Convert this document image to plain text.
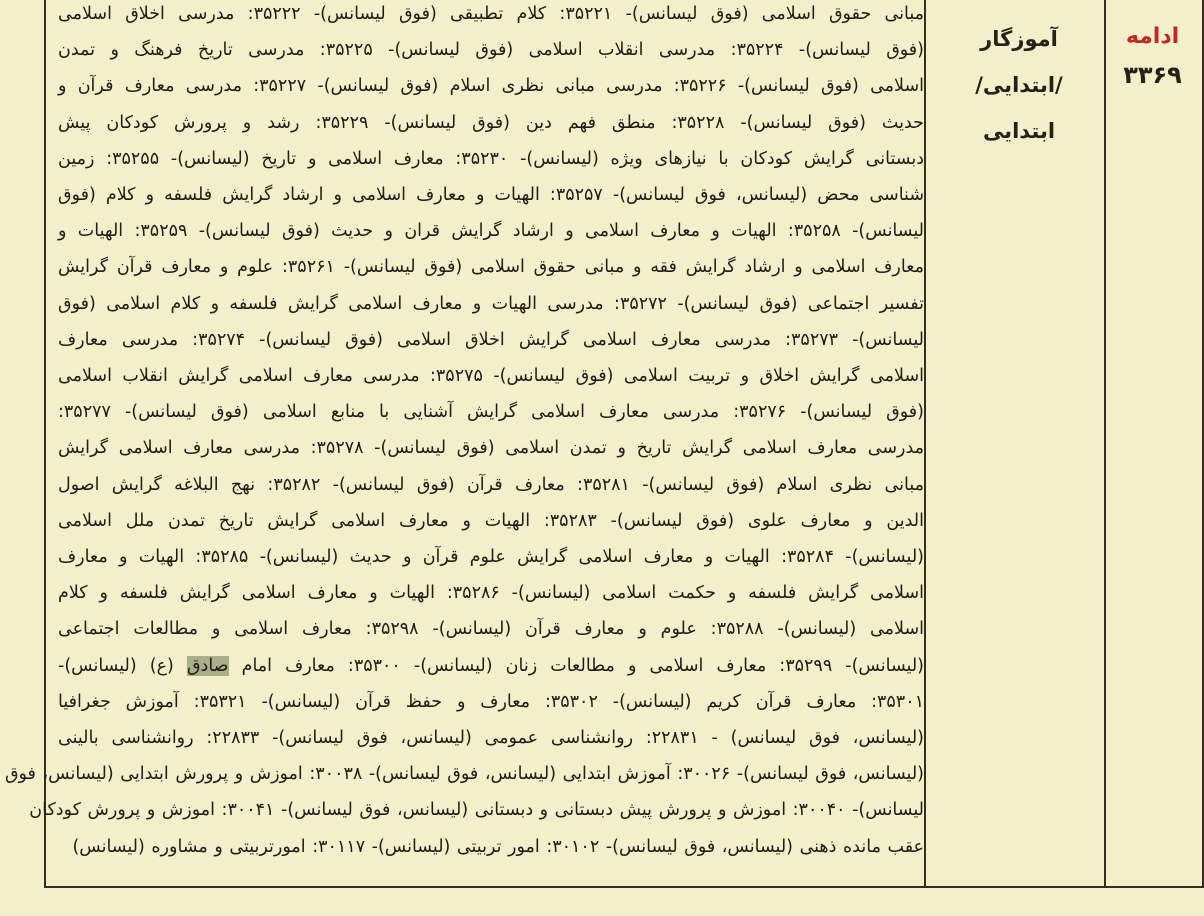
مبانی حقوق اسلامی (فوق لیسانس)- ۳۵۲۲۱: کلام تطبیقی (فوق لیسانس)- ۳۵۲۲۲: مدرسی اخلاق اسلامی
(فوق لیسانس)- ۳۵۲۲۴: مدرسی انقلاب اسلامی (فوق لیسانس)- ۳۵۲۲۵: مدرسی تاریخ فرهنگ و تمدن
اسلامی (فوق لیسانس)- ۳۵۲۲۶: مدرسی مبانی نظری اسلام (فوق لیسانس)- ۳۵۲۲۷: مدرسی معارف قرآن و
حدیث (فوق لیسانس)- ۳۵۲۲۸: منطق فهم دین (فوق لیسانس)- ۳۵۲۲۹: رشد و پرورش کودکان پیش
دبستانی گرایش کودکان با نیازهای ویژه (لیسانس)- ۳۵۲۳۰: معارف اسلامی و تاریخ (لیسانس)- ۳۵۲۵۵: زمین
شناسی محض (لیسانس، فوق لیسانس)- ۳۵۲۵۷: الهیات و معارف اسلامی و ارشاد گرایش فلسفه و کلام (فوق
لیسانس)- ۳۵۲۵۸: الهیات و معارف اسلامی و ارشاد گرایش قران و حدیث (فوق لیسانس)- ۳۵۲۵۹: الهیات و
معارف اسلامی و ارشاد گرایش فقه و مبانی حقوق اسلامی (فوق لیسانس)- ۳۵۲۶۱: علوم و معارف قرآن گرایش
تفسیر اجتماعی (فوق لیسانس)- ۳۵۲۷۲: مدرسی الهیات و معارف اسلامی گرایش فلسفه و کلام اسلامی (فوق
لیسانس)- ۳۵۲۷۳: مدرسی معارف اسلامی گرایش اخلاق اسلامی (فوق لیسانس)- ۳۵۲۷۴: مدرسی معارف
اسلامی گرایش اخلاق و تربیت اسلامی (فوق لیسانس)- ۳۵۲۷۵: مدرسی معارف اسلامی گرایش انقلاب اسلامی
(فوق لیسانس)- ۳۵۲۷۶: مدرسی معارف اسلامی گرایش آشنایی با منابع اسلامی (فوق لیسانس)- ۳۵۲۷۷:
مدرسی معارف اسلامی گرایش تاریخ و تمدن اسلامی (فوق لیسانس)- ۳۵۲۷۸: مدرسی معارف اسلامی گرایش
مبانی نظری اسلام (فوق لیسانس)- ۳۵۲۸۱: معارف قرآن (فوق لیسانس)- ۳۵۲۸۲: نهج البلاغه گرایش اصول
الدین و معارف علوی (فوق لیسانس)- ۳۵۲۸۳: الهیات و معارف اسلامی گرایش تاریخ تمدن ملل اسلامی
(لیسانس)- ۳۵۲۸۴: الهیات و معارف اسلامی گرایش علوم قرآن و حدیث (لیسانس)- ۳۵۲۸۵: الهیات و معارف
اسلامی گرایش فلسفه و حکمت اسلامی (لیسانس)- ۳۵۲۸۶: الهیات و معارف اسلامی گرایش فلسفه و کلام
اسلامی (لیسانس)- ۳۵۲۸۸: علوم و معارف قرآن (لیسانس)- ۳۵۲۹۸: معارف اسلامی و مطالعات اجتماعی
(لیسانس)- ۳۵۲۹۹: معارف اسلامی و مطالعات زنان (لیسانس)- ۳۵۳۰۰: معارف امام صادق (ع) (لیسانس)-
۳۵۳۰۱: معارف قرآن کریم (لیسانس)- ۳۵۳۰۲: معارف و حفظ قرآن (لیسانس)- ۳۵۳۲۱: آموزش جغرافیا
(لیسانس، فوق لیسانس) - ۲۲۸۳۱: روانشناسی عمومی (لیسانس، فوق لیسانس)- ۲۲۸۳۳: روانشناسی بالینی
(لیسانس، فوق لیسانس)- ۳۰۰۲۶: آموزش ابتدایی (لیسانس، فوق لیسانس)- ۳۰۰۳۸: اموزش و پرورش ابتدایی (لیسانس، فوق
لیسانس)- ۳۰۰۴۰: اموزش و پرورش پیش دبستانی و دبستانی (لیسانس، فوق لیسانس)- ۳۰۰۴۱: اموزش و پرورش کودکان
عقب مانده ذهنی (لیسانس، فوق لیسانس)- ۳۰۱۰۲: امور تربیتی (لیسانس)- ۳۰۱۱۷: امورتربیتی و مشاوره (لیسانس)
آموزگار
/ابتدایی/
ابتدایی
ادامه
۳۳۶۹
